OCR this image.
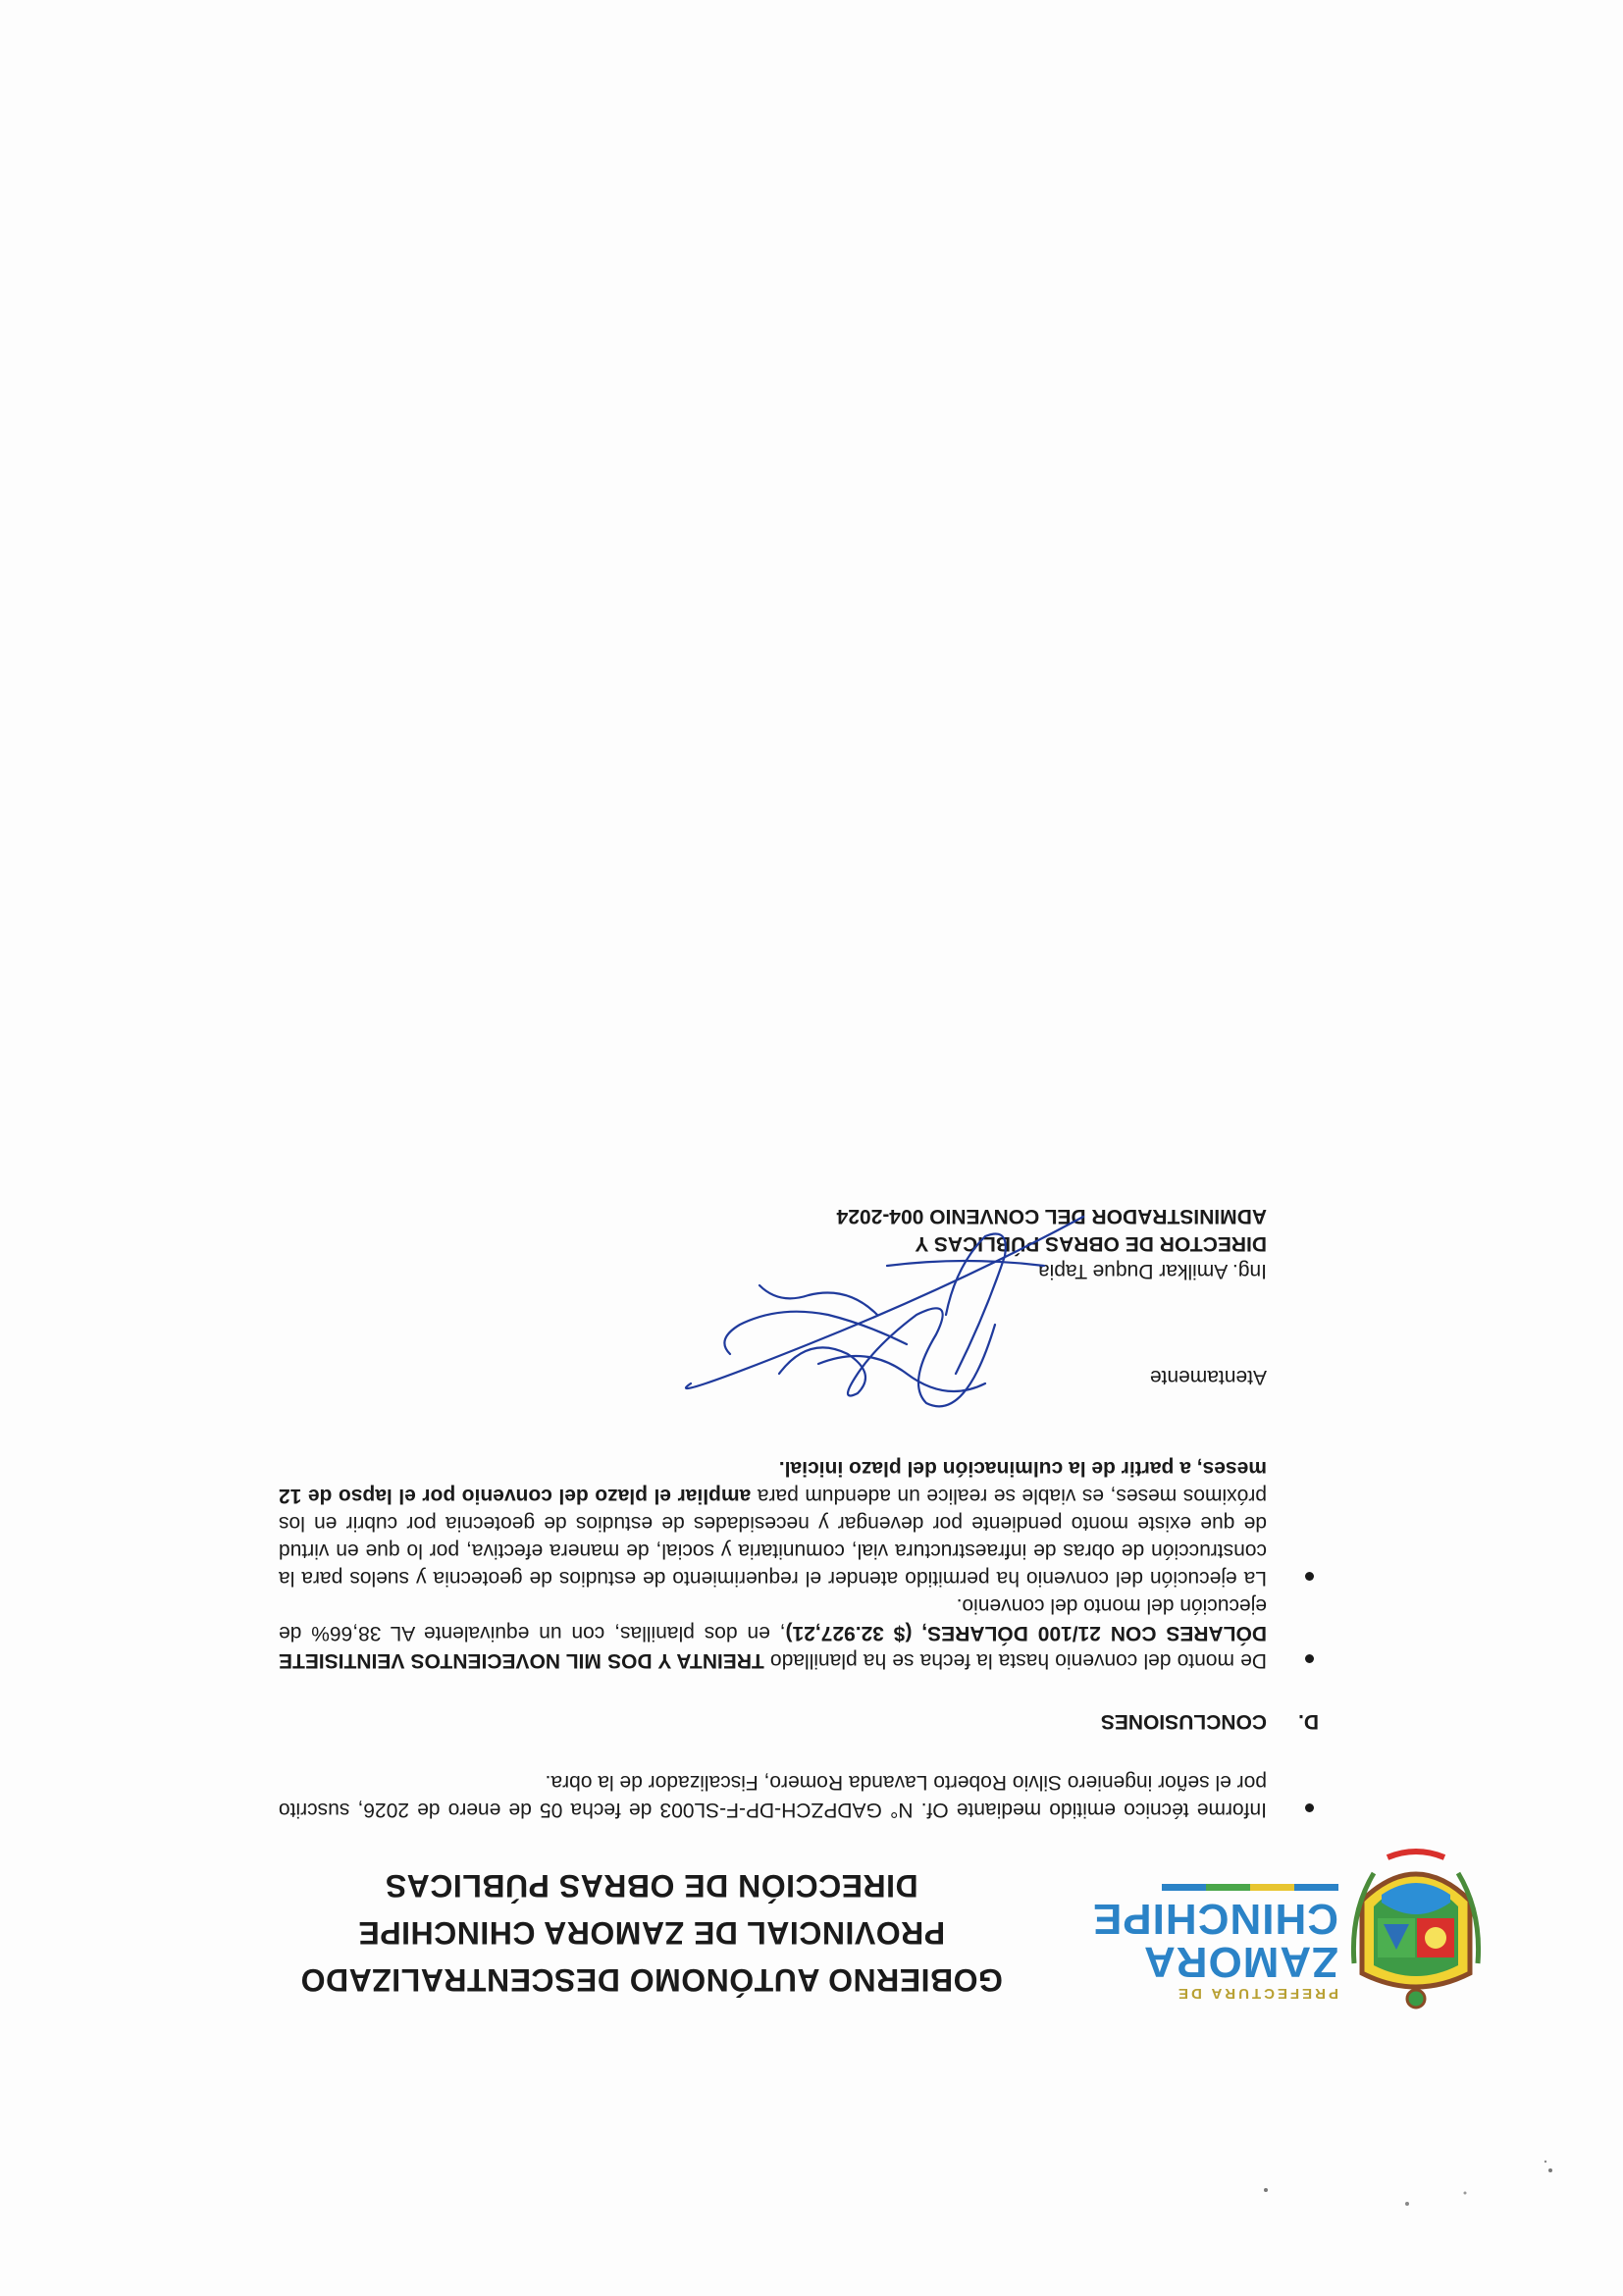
PREFECTURA DE
ZAMORA
CHINCHIPE
GOBIERNO AUTÓNOMO DESCENTRALIZADO
PROVINCIAL DE ZAMORA CHINCHIPE
DIRECCIÓN DE OBRAS PÚBLICAS
Informe técnico emitido mediante Of. N° GADPZCH-DP-F-SL003 de fecha 05 de enero de 2026, suscrito por el señor ingeniero Silvio Roberto Lavanda Romero, Fiscalizador de la obra.
D.
CONCLUSIONES
De monto del convenio hasta la fecha se ha planillado TREINTA Y DOS MIL NOVECIENTOS VEINTISIETE DÓLARES CON 21/100 DÓLARES, ($ 32.927,21), en dos planillas, con un equivalente AL 38,66% de ejecución del monto del convenio.
La ejecución del convenio ha permitido atender el requerimiento de estudios de geotecnia y suelos para la construcción de obras de infraestructura vial, comunitaria y social, de manera efectiva, por lo que en virtud de que existe monto pendiente por devengar y necesidades de estudios de geotecnia por cubrir en los próximos meses, es viable se realice un adendum para ampliar el plazo del convenio por el lapso de 12 meses, a partir de la culminación del plazo inicial.
Atentamente
Ing. Amilkar Duque Tapia
DIRECTOR DE OBRAS PÚBLICAS Y
ADMINISTRADOR DEL CONVENIO 004-2024
